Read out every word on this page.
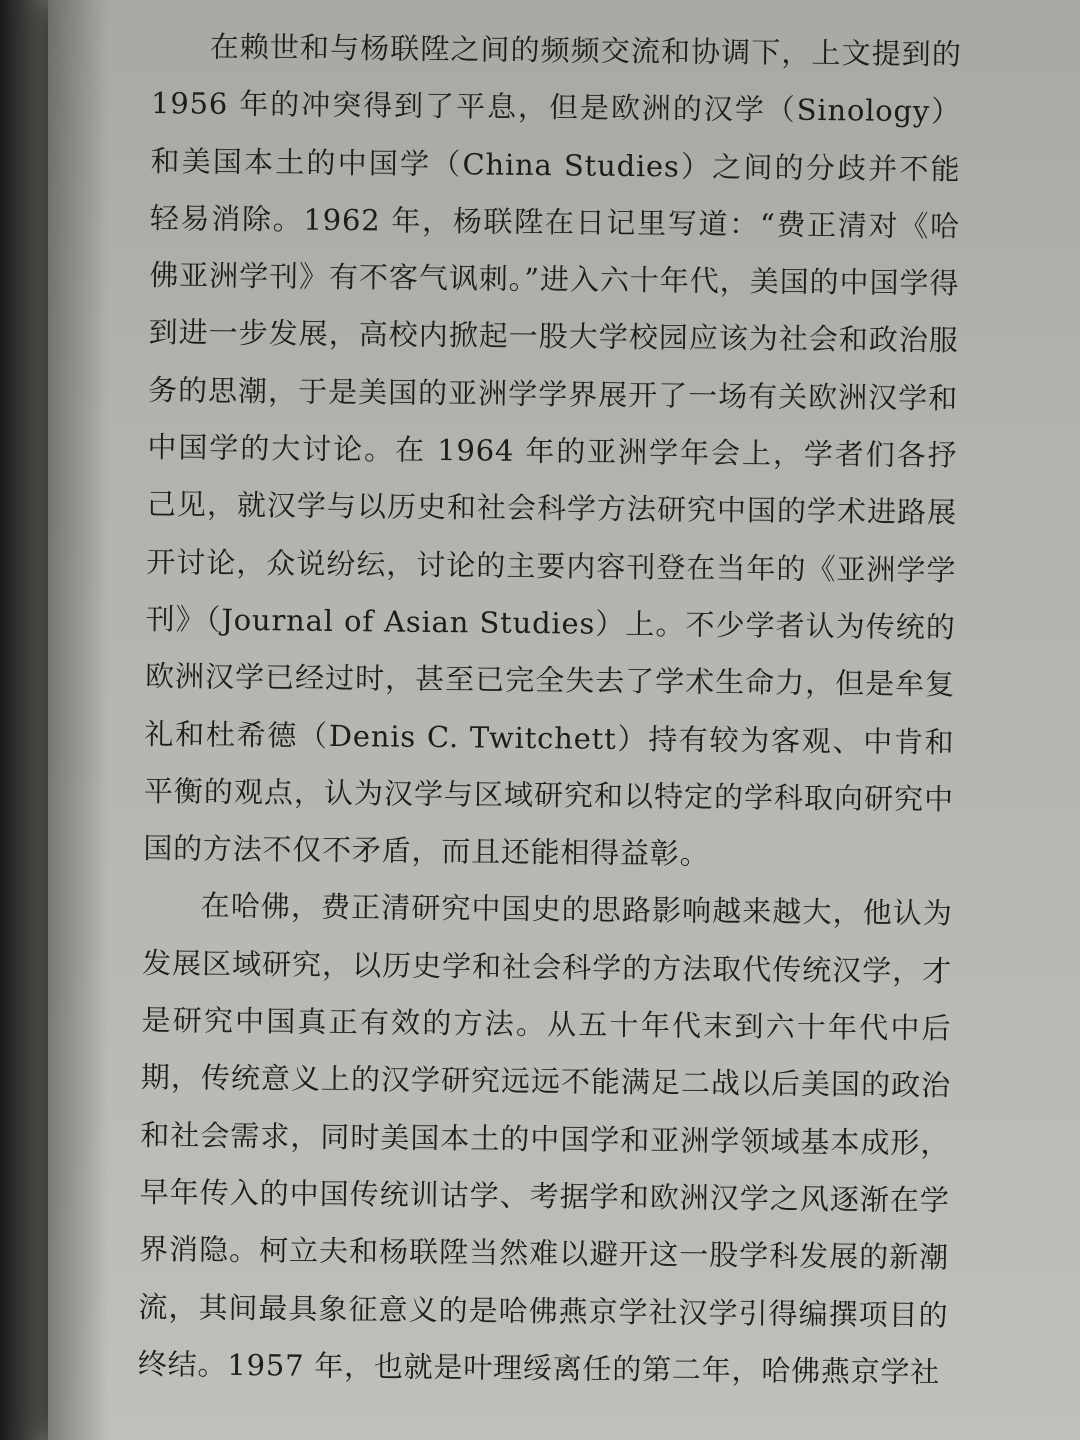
在赖世和与杨联陞之间的频频交流和协调下，上文提到的 1956 年的冲突得到了平息，但是欧洲的汉学（Sinology）和美国本土的中国学（China Studies）之间的分歧并不能轻易消除。1962 年，杨联陞在日记里写道：“费正清对《哈佛亚洲学刊》有不客气讽刺。”进入六十年代，美国的中国学得到进一步发展，高校内掀起一股大学校园应该为社会和政治服务的思潮，于是美国的亚洲学学界展开了一场有关欧洲汉学和中国学的大讨论。在 1964 年的亚洲学年会上，学者们各抒己见，就汉学与以历史和社会科学方法研究中国的学术进路展开讨论，众说纷纭，讨论的主要内容刊登在当年的《亚洲学学刊》（Journal of Asian Studies）上。不少学者认为传统的欧洲汉学已经过时，甚至已完全失去了学术生命力，但是牟复礼和杜希德（Denis C. Twitchett）持有较为客观、中肯和平衡的观点，认为汉学与区域研究和以特定的学科取向研究中国的方法不仅不矛盾，而且还能相得益彰。

在哈佛，费正清研究中国史的思路影响越来越大，他认为发展区域研究，以历史学和社会科学的方法取代传统汉学，才是研究中国真正有效的方法。从五十年代末到六十年代中后期，传统意义上的汉学研究远远不能满足二战以后美国的政治和社会需求，同时美国本土的中国学和亚洲学领域基本成形，早年传入的中国传统训诂学、考据学和欧洲汉学之风逐渐在学界消隐。柯立夫和杨联陞当然难以避开这一股学科发展的新潮流，其间最具象征意义的是哈佛燕京学社汉学引得编撰项目的终结。1957 年，也就是叶理绥离任的第二年，哈佛燕京学社
